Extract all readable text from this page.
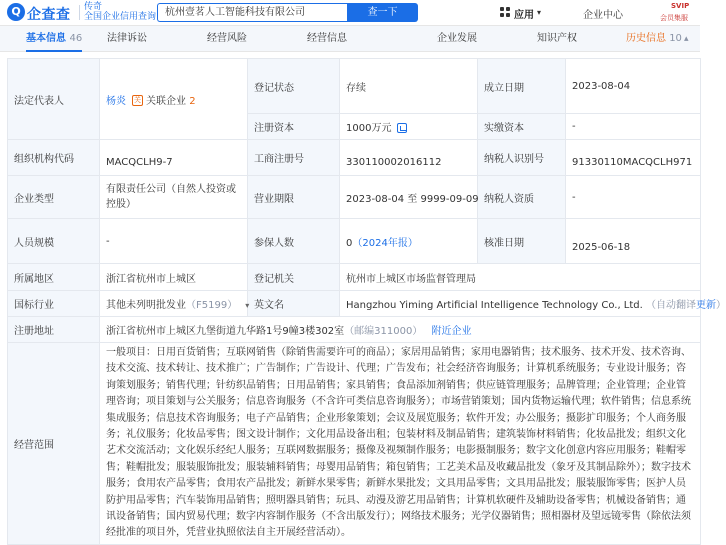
Q 企查查 传奇
全国企业信用查询 杭州壹茗人工智能科技有限公司	查一下	应用 ▾	企业中心
SVIP
会员集服
基本信息 46 法律诉讼	经营风险	经营信息	企业发展	知识产权	历史信息 10 ▴
法定代表人	杨炎 关 关联企业 2	登记状态	存续	成立日期	2023-08-04
		注册资本	1000万元	实缴资本	-
组织机构代码	MACQCLH9-7	工商注册号	330110002016112	纳税人识别号	91330110MACQCLH971
企业类型	有限责任公司（自然人投资或控股）	营业期限	2023-08-04 至 9999-09-09	纳税人资质	-
人员规模	-	参保人数	0（2024年报）	核准日期	2025-06-18
所属地区	浙江省杭州市上城区	登记机关	杭州市上城区市场监督管理局		
国标行业	其他未列明批发业（F5199） ▾	英文名	Hangzhou Yiming Artificial Intelligence Technology Co., Ltd. （自动翻译更新）		
注册地址	浙江省杭州市上城区九堡街道九华路1号9幢3楼302室（邮编311000） 附近企业				
经营范围	一般项目：日用百货销售；互联网销售（除销售需要许可的商品）；家居用品销售；家用电器销售；技术服务、技术开发、技术咨询、技术交流、技术转让、技术推广；广告制作；广告设计、代理；广告发布；社会经济咨询服务；计算机系统服务；专业设计服务；咨询策划服务；销售代理；针纺织品销售；日用品销售；家具销售；食品添加剂销售；供应链管理服务；品牌管理；企业管理；企业管理咨询；项目策划与公关服务；信息咨询服务（不含许可类信息咨询服务）；市场营销策划；国内货物运输代理；软件销售；信息系统集成服务；信息技术咨询服务；电子产品销售；企业形象策划；会议及展览服务；软件开发；办公服务；摄影扩印服务；个人商务服务；礼仪服务；化妆品零售；图文设计制作；文化用品设备出租；包装材料及制品销售；建筑装饰材料销售；化妆品批发；组织文化艺术交流活动；文化娱乐经纪人服务；互联网数据服务；摄像及视频制作服务；电影摄制服务；数字文化创意内容应用服务；鞋帽零售；鞋帽批发；服装服饰批发；服装辅料销售；母婴用品销售；箱包销售；工艺美术品及收藏品批发（象牙及其制品除外）；数字技术服务；食用农产品零售；食用农产品批发；新鲜水果零售；新鲜水果批发；文具用品零售；文具用品批发；服装服饰零售；医护人员防护用品零售；汽车装饰用品销售；照明器具销售；玩具、动漫及游艺用品销售；计算机软硬件及辅助设备零售；机械设备销售；通讯设备销售；国内贸易代理；数字内容制作服务（不含出版发行）；网络技术服务；光学仪器销售；照相器材及望远镜零售（除依法须经批准的项目外，凭营业执照依法自主开展经营活动）。				
